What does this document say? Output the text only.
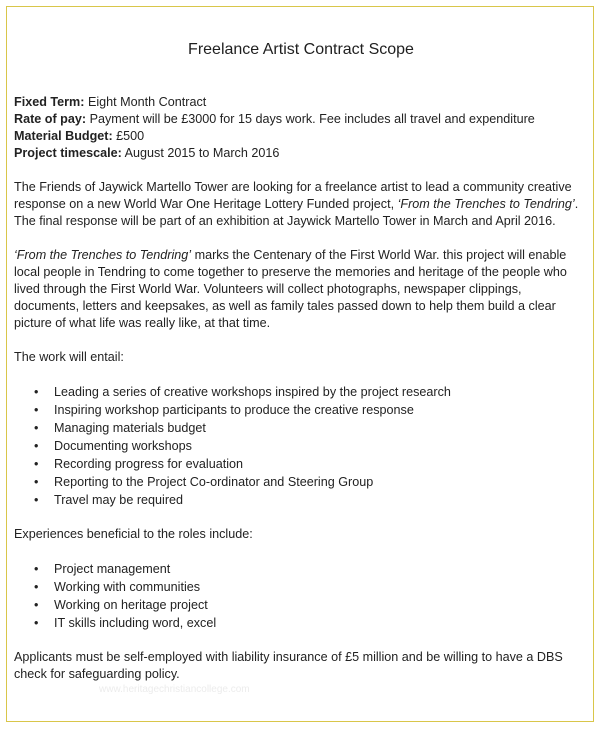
Freelance Artist Contract Scope
Fixed Term: Eight Month Contract
Rate of pay: Payment will be £3000 for 15 days work. Fee includes all travel and expenditure
Material Budget: £500
Project timescale: August 2015 to March 2016

The Friends of Jaywick Martello Tower are looking for a freelance artist to lead a community creative response on a new World War One Heritage Lottery Funded project, ‘From the Trenches to Tendring’. The final response will be part of an exhibition at Jaywick Martello Tower in March and April 2016.

‘From the Trenches to Tendring’ marks the Centenary of the First World War. this project will enable local people in Tendring to come together to preserve the memories and heritage of the people who lived through the First World War. Volunteers will collect photographs, newspaper clippings, documents, letters and keepsakes, as well as family tales passed down to help them build a clear picture of what life was really like, at that time.

The work will entail:

• Leading a series of creative workshops inspired by the project research
• Inspiring workshop participants to produce the creative response
• Managing materials budget
• Documenting workshops
• Recording progress for evaluation
• Reporting to the Project Co-ordinator and Steering Group
• Travel may be required

Experiences beneficial to the roles include:

• Project management
• Working with communities
• Working on heritage project
• IT skills including word, excel

Applicants must be self-employed with liability insurance of £5 million and be willing to have a DBS check for safeguarding policy.

www.heritagechristiancollege.com
